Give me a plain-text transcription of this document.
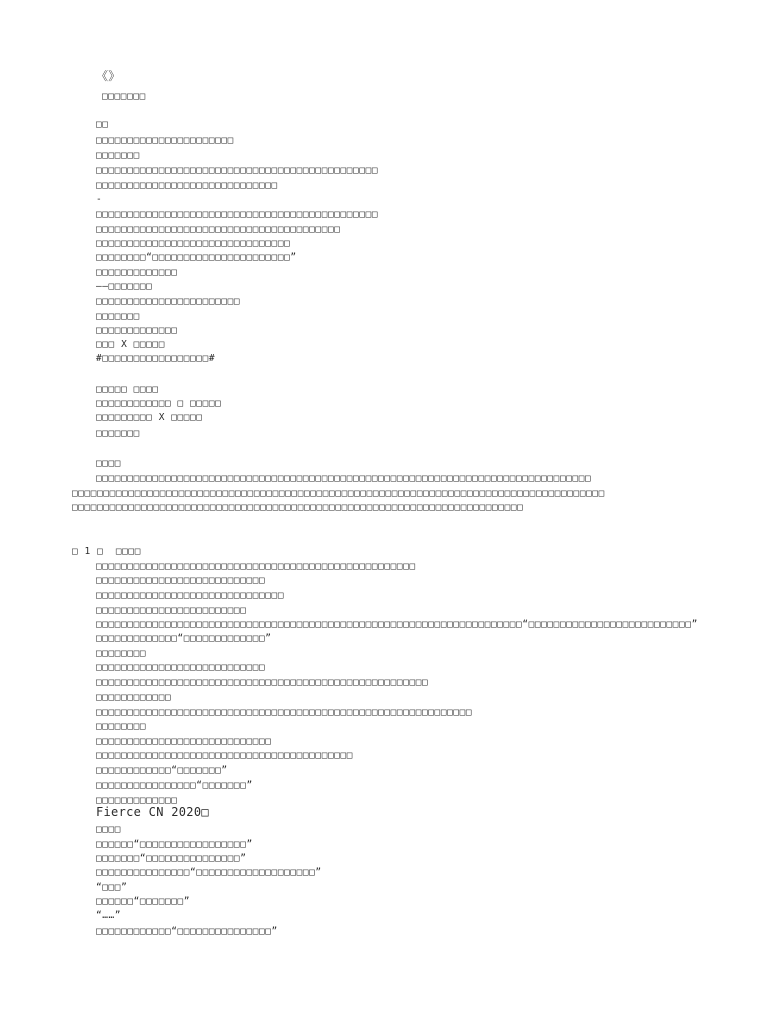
《》
□□□□□□□
□□
□□□□□□□□□□□□□□□□□□□□□□
□□□□□□□
□□□□□□□□□□□□□□□□□□□□□□□□□□□□□□□□□□□□□□□□□□□□□
□□□□□□□□□□□□□□□□□□□□□□□□□□□□□
-
□□□□□□□□□□□□□□□□□□□□□□□□□□□□□□□□□□□□□□□□□□□□□
□□□□□□□□□□□□□□□□□□□□□□□□□□□□□□□□□□□□□□□
□□□□□□□□□□□□□□□□□□□□□□□□□□□□□□□
□□□□□□□□“□□□□□□□□□□□□□□□□□□□□□□”
□□□□□□□□□□□□□
——□□□□□□□
□□□□□□□□□□□□□□□□□□□□□□□
□□□□□□□
□□□□□□□□□□□□□
□□□ X □□□□□
#□□□□□□□□□□□□□□□□□#
□□□□□ □□□□
□□□□□□□□□□□□ □ □□□□□
□□□□□□□□□ X □□□□□
□□□□□□□
□□□□
□□□□□□□□□□□□□□□□□□□□□□□□□□□□□□□□□□□□□□□□□□□□□□□□□□□□□□□□□□□□□□□□□□□□□□□□□□□□□□□
□□□□□□□□□□□□□□□□□□□□□□□□□□□□□□□□□□□□□□□□□□□□□□□□□□□□□□□□□□□□□□□□□□□□□□□□□□□□□□□□□□□□□
□□□□□□□□□□□□□□□□□□□□□□□□□□□□□□□□□□□□□□□□□□□□□□□□□□□□□□□□□□□□□□□□□□□□□□□□
□ 1 □  □□□□
□□□□□□□□□□□□□□□□□□□□□□□□□□□□□□□□□□□□□□□□□□□□□□□□□□□
□□□□□□□□□□□□□□□□□□□□□□□□□□□
□□□□□□□□□□□□□□□□□□□□□□□□□□□□□□
□□□□□□□□□□□□□□□□□□□□□□□□
□□□□□□□□□□□□□□□□□□□□□□□□□□□□□□□□□□□□□□□□□□□□□□□□□□□□□□□□□□□□□□□□□□□□“□□□□□□□□□□□□□□□□□□□□□□□□□□”
□□□□□□□□□□□□□“□□□□□□□□□□□□□”
□□□□□□□□
□□□□□□□□□□□□□□□□□□□□□□□□□□□
□□□□□□□□□□□□□□□□□□□□□□□□□□□□□□□□□□□□□□□□□□□□□□□□□□□□□
□□□□□□□□□□□□
□□□□□□□□□□□□□□□□□□□□□□□□□□□□□□□□□□□□□□□□□□□□□□□□□□□□□□□□□□□□
□□□□□□□□
□□□□□□□□□□□□□□□□□□□□□□□□□□□□
□□□□□□□□□□□□□□□□□□□□□□□□□□□□□□□□□□□□□□□□□
□□□□□□□□□□□□“□□□□□□□”
□□□□□□□□□□□□□□□□“□□□□□□□”
□□□□□□□□□□□□□
Fierce CN 2020□
□□□□
□□□□□□“□□□□□□□□□□□□□□□□□”
□□□□□□□“□□□□□□□□□□□□□□□”
□□□□□□□□□□□□□□□“□□□□□□□□□□□□□□□□□□□”
“□□□”
□□□□□□“□□□□□□□”
“……”
□□□□□□□□□□□□“□□□□□□□□□□□□□□□”
